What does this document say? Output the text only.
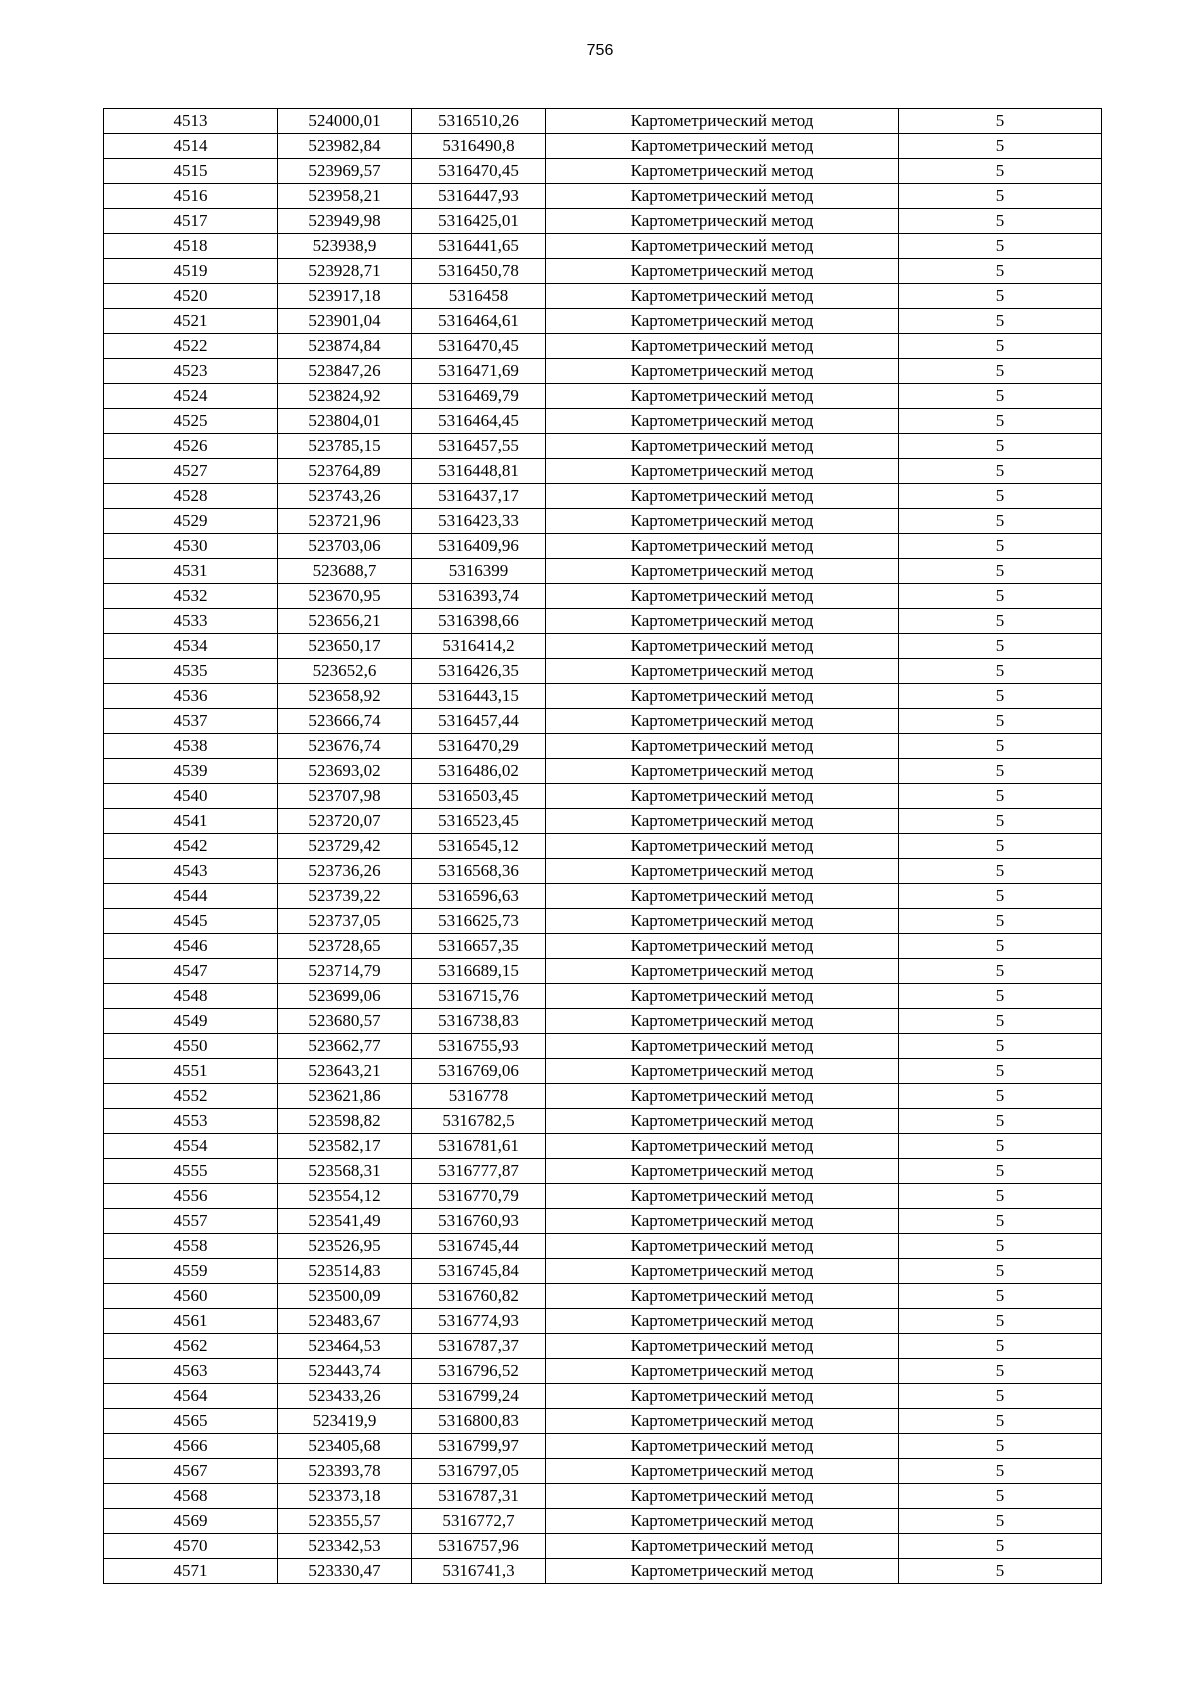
756
4513	524000,01	5316510,26	Картометрический метод	5
4514	523982,84	5316490,8	Картометрический метод	5
4515	523969,57	5316470,45	Картометрический метод	5
4516	523958,21	5316447,93	Картометрический метод	5
4517	523949,98	5316425,01	Картометрический метод	5
4518	523938,9	5316441,65	Картометрический метод	5
4519	523928,71	5316450,78	Картометрический метод	5
4520	523917,18	5316458	Картометрический метод	5
4521	523901,04	5316464,61	Картометрический метод	5
4522	523874,84	5316470,45	Картометрический метод	5
4523	523847,26	5316471,69	Картометрический метод	5
4524	523824,92	5316469,79	Картометрический метод	5
4525	523804,01	5316464,45	Картометрический метод	5
4526	523785,15	5316457,55	Картометрический метод	5
4527	523764,89	5316448,81	Картометрический метод	5
4528	523743,26	5316437,17	Картометрический метод	5
4529	523721,96	5316423,33	Картометрический метод	5
4530	523703,06	5316409,96	Картометрический метод	5
4531	523688,7	5316399	Картометрический метод	5
4532	523670,95	5316393,74	Картометрический метод	5
4533	523656,21	5316398,66	Картометрический метод	5
4534	523650,17	5316414,2	Картометрический метод	5
4535	523652,6	5316426,35	Картометрический метод	5
4536	523658,92	5316443,15	Картометрический метод	5
4537	523666,74	5316457,44	Картометрический метод	5
4538	523676,74	5316470,29	Картометрический метод	5
4539	523693,02	5316486,02	Картометрический метод	5
4540	523707,98	5316503,45	Картометрический метод	5
4541	523720,07	5316523,45	Картометрический метод	5
4542	523729,42	5316545,12	Картометрический метод	5
4543	523736,26	5316568,36	Картометрический метод	5
4544	523739,22	5316596,63	Картометрический метод	5
4545	523737,05	5316625,73	Картометрический метод	5
4546	523728,65	5316657,35	Картометрический метод	5
4547	523714,79	5316689,15	Картометрический метод	5
4548	523699,06	5316715,76	Картометрический метод	5
4549	523680,57	5316738,83	Картометрический метод	5
4550	523662,77	5316755,93	Картометрический метод	5
4551	523643,21	5316769,06	Картометрический метод	5
4552	523621,86	5316778	Картометрический метод	5
4553	523598,82	5316782,5	Картометрический метод	5
4554	523582,17	5316781,61	Картометрический метод	5
4555	523568,31	5316777,87	Картометрический метод	5
4556	523554,12	5316770,79	Картометрический метод	5
4557	523541,49	5316760,93	Картометрический метод	5
4558	523526,95	5316745,44	Картометрический метод	5
4559	523514,83	5316745,84	Картометрический метод	5
4560	523500,09	5316760,82	Картометрический метод	5
4561	523483,67	5316774,93	Картометрический метод	5
4562	523464,53	5316787,37	Картометрический метод	5
4563	523443,74	5316796,52	Картометрический метод	5
4564	523433,26	5316799,24	Картометрический метод	5
4565	523419,9	5316800,83	Картометрический метод	5
4566	523405,68	5316799,97	Картометрический метод	5
4567	523393,78	5316797,05	Картометрический метод	5
4568	523373,18	5316787,31	Картометрический метод	5
4569	523355,57	5316772,7	Картометрический метод	5
4570	523342,53	5316757,96	Картометрический метод	5
4571	523330,47	5316741,3	Картометрический метод	5
